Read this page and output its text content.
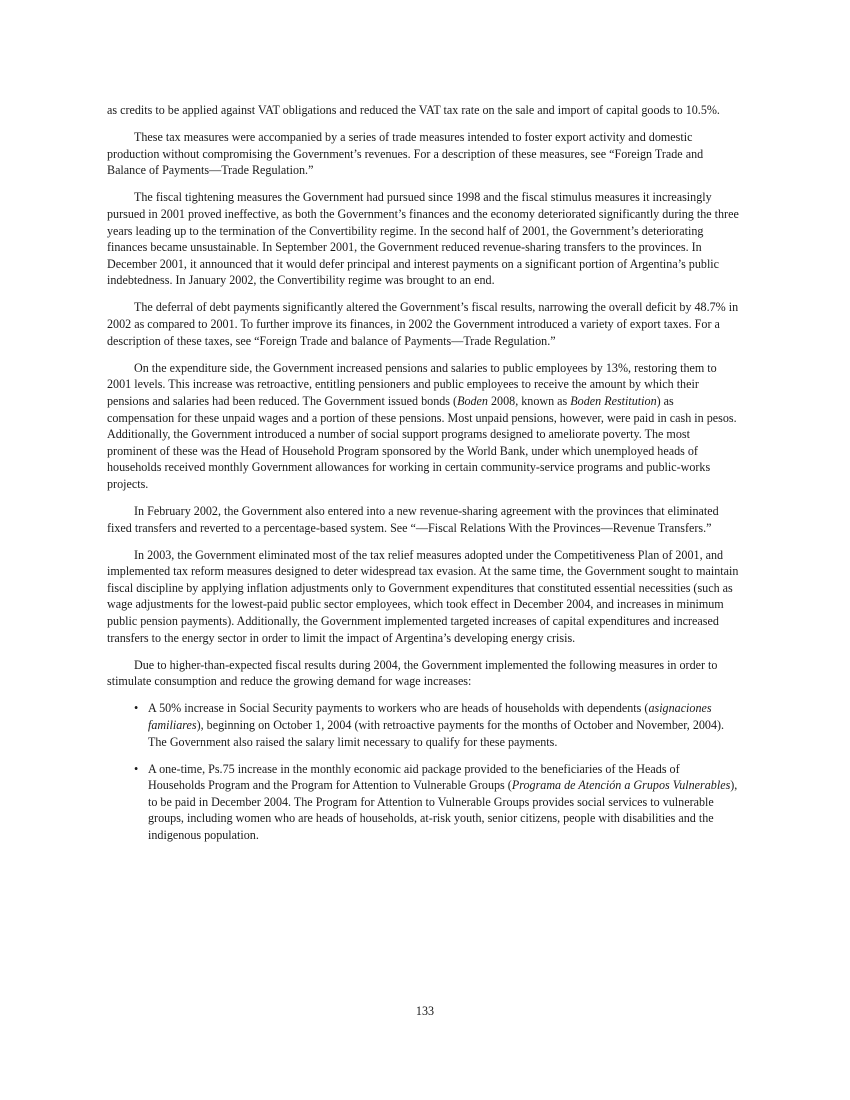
as credits to be applied against VAT obligations and reduced the VAT tax rate on the sale and import of capital goods to 10.5%.

These tax measures were accompanied by a series of trade measures intended to foster export activity and domestic production without compromising the Government’s revenues. For a description of these measures, see “Foreign Trade and Balance of Payments—Trade Regulation.”

The fiscal tightening measures the Government had pursued since 1998 and the fiscal stimulus measures it increasingly pursued in 2001 proved ineffective, as both the Government’s finances and the economy deteriorated significantly during the three years leading up to the termination of the Convertibility regime. In the second half of 2001, the Government’s deteriorating finances became unsustainable. In September 2001, the Government reduced revenue-sharing transfers to the provinces. In December 2001, it announced that it would defer principal and interest payments on a significant portion of Argentina’s public indebtedness. In January 2002, the Convertibility regime was brought to an end.

The deferral of debt payments significantly altered the Government’s fiscal results, narrowing the overall deficit by 48.7% in 2002 as compared to 2001. To further improve its finances, in 2002 the Government introduced a variety of export taxes. For a description of these taxes, see “Foreign Trade and balance of Payments—Trade Regulation.”

On the expenditure side, the Government increased pensions and salaries to public employees by 13%, restoring them to 2001 levels. This increase was retroactive, entitling pensioners and public employees to receive the amount by which their pensions and salaries had been reduced. The Government issued bonds (Boden 2008, known as Boden Restitution) as compensation for these unpaid wages and a portion of these pensions. Most unpaid pensions, however, were paid in cash in pesos. Additionally, the Government introduced a number of social support programs designed to ameliorate poverty. The most prominent of these was the Head of Household Program sponsored by the World Bank, under which unemployed heads of households received monthly Government allowances for working in certain community-service programs and public-works projects.

In February 2002, the Government also entered into a new revenue-sharing agreement with the provinces that eliminated fixed transfers and reverted to a percentage-based system. See “—Fiscal Relations With the Provinces—Revenue Transfers.”

In 2003, the Government eliminated most of the tax relief measures adopted under the Competitiveness Plan of 2001, and implemented tax reform measures designed to deter widespread tax evasion. At the same time, the Government sought to maintain fiscal discipline by applying inflation adjustments only to Government expenditures that constituted essential necessities (such as wage adjustments for the lowest-paid public sector employees, which took effect in December 2004, and increases in minimum public pension payments). Additionally, the Government implemented targeted increases of capital expenditures and increased transfers to the energy sector in order to limit the impact of Argentina’s developing energy crisis.

Due to higher-than-expected fiscal results during 2004, the Government implemented the following measures in order to stimulate consumption and reduce the growing demand for wage increases:

• A 50% increase in Social Security payments to workers who are heads of households with dependents (asignaciones familiares), beginning on October 1, 2004 (with retroactive payments for the months of October and November, 2004). The Government also raised the salary limit necessary to qualify for these payments.
• A one-time, Ps.75 increase in the monthly economic aid package provided to the beneficiaries of the Heads of Households Program and the Program for Attention to Vulnerable Groups (Programa de Atención a Grupos Vulnerables), to be paid in December 2004. The Program for Attention to Vulnerable Groups provides social services to vulnerable groups, including women who are heads of households, at-risk youth, senior citizens, people with disabilities and the indigenous population.
133
